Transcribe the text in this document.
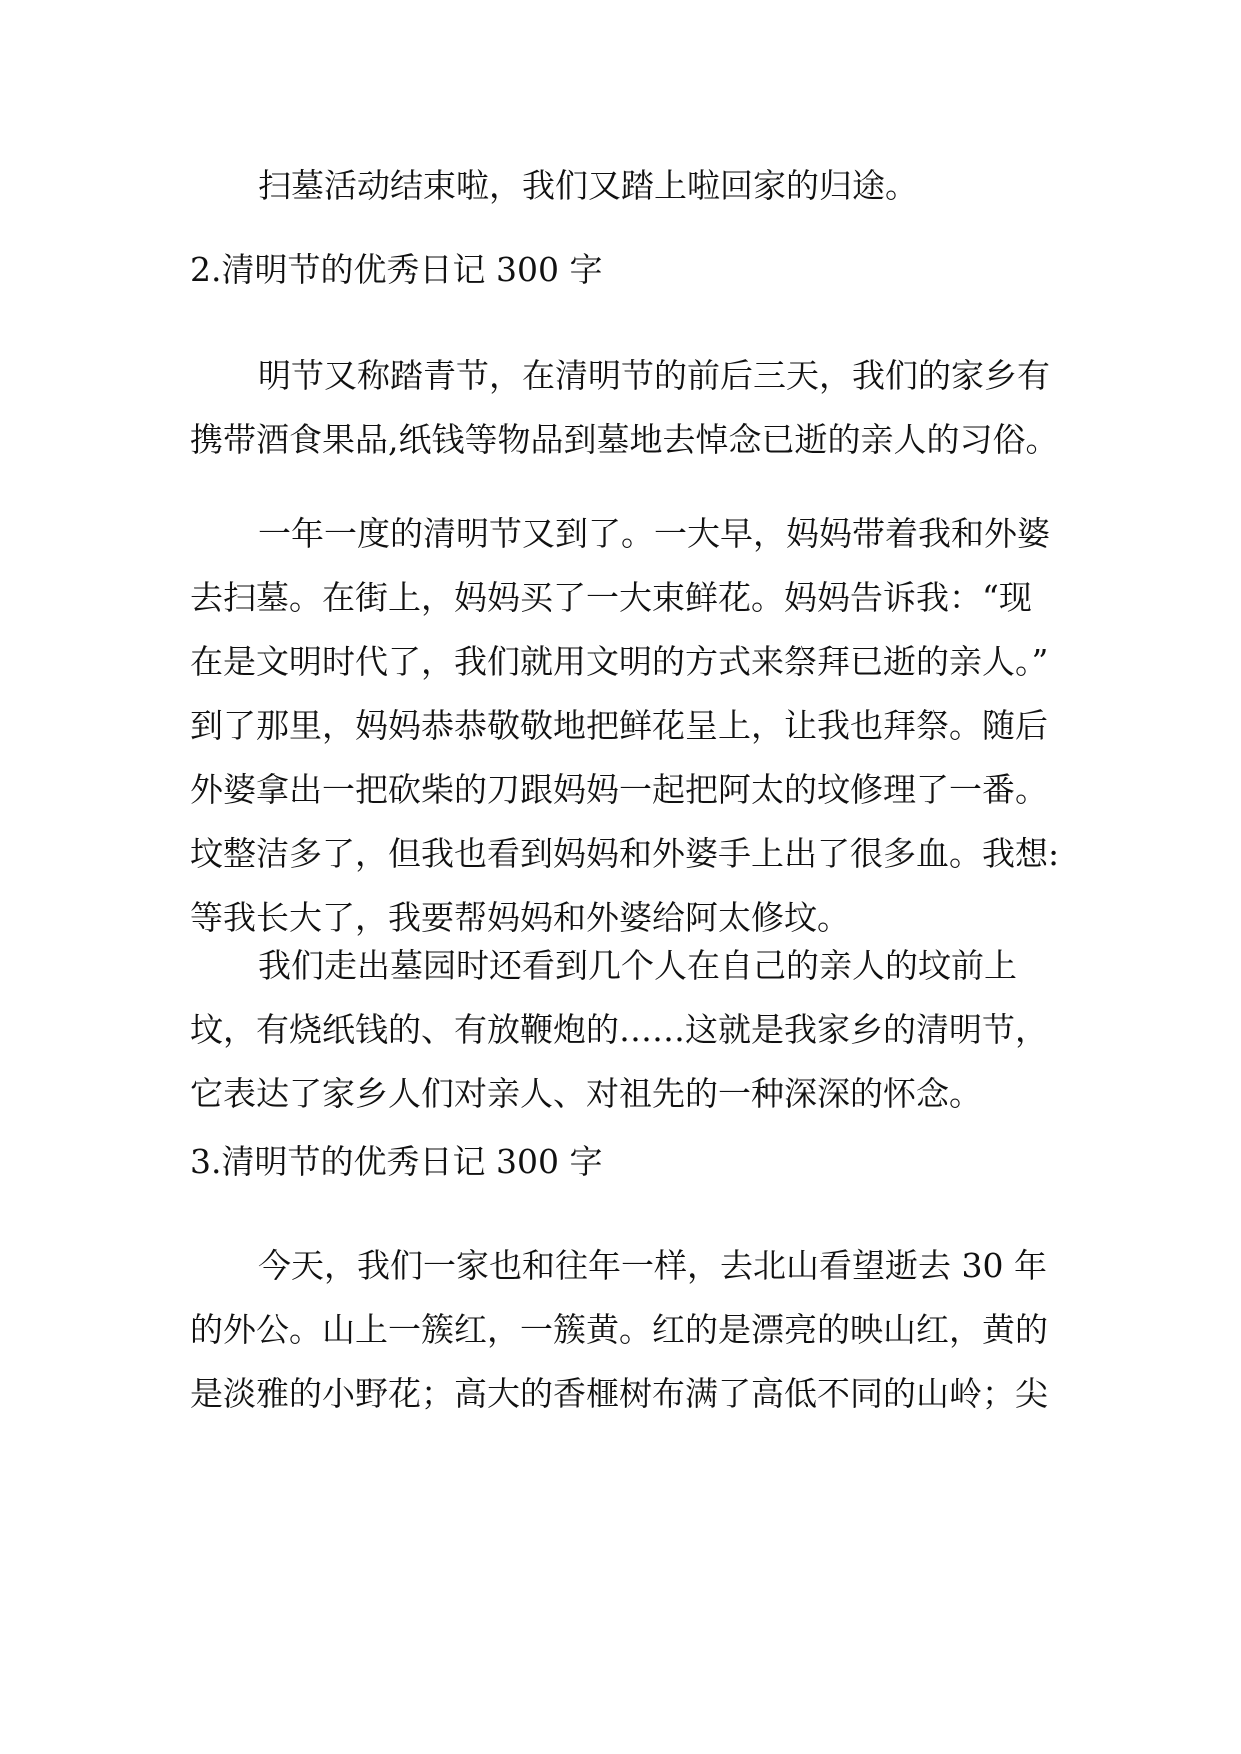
扫墓活动结束啦，我们又踏上啦回家的归途。
2.清明节的优秀日记 300 字
明节又称踏青节，在清明节的前后三天，我们的家乡有
携带酒食果品,纸钱等物品到墓地去悼念已逝的亲人的习俗。
一年一度的清明节又到了。一大早，妈妈带着我和外婆
去扫墓。在街上，妈妈买了一大束鲜花。妈妈告诉我：“现
在是文明时代了，我们就用文明的方式来祭拜已逝的亲人。”
到了那里，妈妈恭恭敬敬地把鲜花呈上，让我也拜祭。随后
外婆拿出一把砍柴的刀跟妈妈一起把阿太的坟修理了一番。
坟整洁多了，但我也看到妈妈和外婆手上出了很多血。我想:
等我长大了，我要帮妈妈和外婆给阿太修坟。
我们走出墓园时还看到几个人在自己的亲人的坟前上
坟，有烧纸钱的、有放鞭炮的……这就是我家乡的清明节，
它表达了家乡人们对亲人、对祖先的一种深深的怀念。
3.清明节的优秀日记 300 字
今天，我们一家也和往年一样，去北山看望逝去 30 年
的外公。山上一簇红，一簇黄。红的是漂亮的映山红，黄的
是淡雅的小野花；高大的香榧树布满了高低不同的山岭；尖
